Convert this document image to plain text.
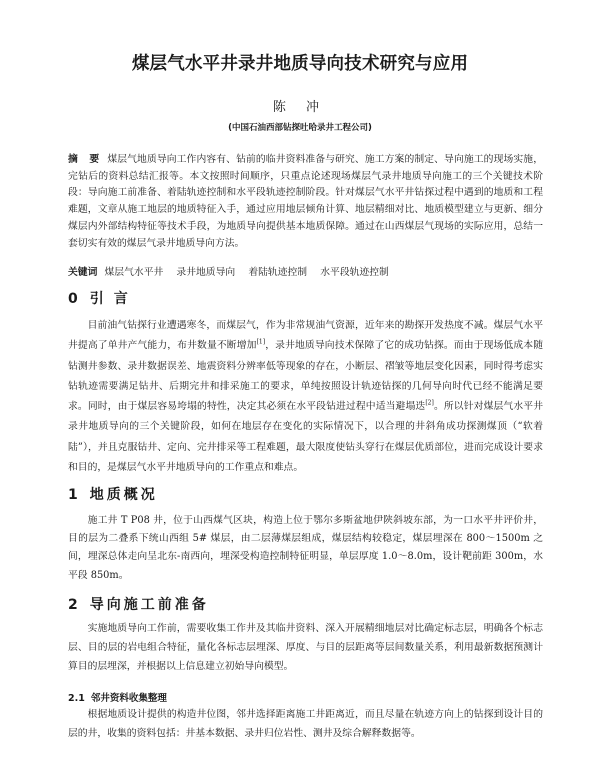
煤层气水平井录井地质导向技术研究与应用
陈 冲
(中国石油西部钻探吐哈录井工程公司)

摘 要 煤层气地质导向工作内容有、钻前的临井资料准备与研究、施工方案的制定、导向施工的现场实施，完钻后的资料总结汇报等。本文按照时间顺序，只重点论述现场煤层气录井地质导向施工的三个关键技术阶段：导向施工前准备、着陆轨迹控制和水平段轨迹控制阶段。针对煤层气水平井钻探过程中遇到的地质和工程难题，文章从施工地层的地质特征入手，通过应用地层倾角计算、地层精细对比、地质模型建立与更新、细分煤层内外部结构特征等技术手段，为地质导向提供基本地质保障。通过在山西煤层气现场的实际应用，总结一套切实有效的煤层气录井地质导向方法。

关键词 煤层气水平井 录井地质导向 着陆轨迹控制 水平段轨迹控制

0 引言

目前油气钻探行业遭遇寒冬，而煤层气，作为非常规油气资源，近年来的勘探开发热度不减。煤层气水平井提高了单井产气能力，布井数量不断增加[1]，录井地质导向技术保障了它的成功钻探。而由于现场低成本随钻测井参数、录井数据误差、地震资料分辨率低等现象的存在，小断层、褶皱等地层变化因素，同时得考虑实钻轨迹需要满足钻井、后期完井和排采施工的要求，单纯按照设计轨迹钻探的几何导向时代已经不能满足要求。同时，由于煤层容易垮塌的特性，决定其必须在水平段钻进过程中适当避塌迭[2]。所以针对煤层气水平井录井地质导向的三个关键阶段，如何在地层存在变化的实际情况下，以合理的井斜角成功探测煤顶（“软着陆”），并且克服钻井、定向、完井排采等工程难题，最大限度使钻头穿行在煤层优质部位，进而完成设计要求和目的，是煤层气水平井地质导向的工作重点和难点。

1 地质概况

施工井 T P08 井，位于山西煤气区块，构造上位于鄂尔多斯盆地伊陕斜坡东部，为一口水平井评价井，目的层为二叠系下统山西组 5# 煤层，由二层薄煤层组成，煤层结构较稳定，煤层埋深在 800～1500m 之间，埋深总体走向呈北东-南西向，埋深受构造控制特征明显，单层厚度 1.0～8.0m，设计靶前距 300m，水平段 850m。

2 导向施工前准备

实施地质导向工作前，需要收集工作井及其临井资料、深入开展精细地层对比确定标志层，明确各个标志层、目的层的岩电组合特征，量化各标志层埋深、厚度、与目的层距离等层间数量关系，利用最新数据预测计算目的层埋深，并根据以上信息建立初始导向模型。

2.1 邻井资料收集整理

根据地质设计提供的构造井位图，邻井选择距离施工井距离近，而且尽量在轨迹方向上的钻探到设计目的层的井，收集的资料包括：井基本数据、录井归位岩性、测井及综合解释数据等。
